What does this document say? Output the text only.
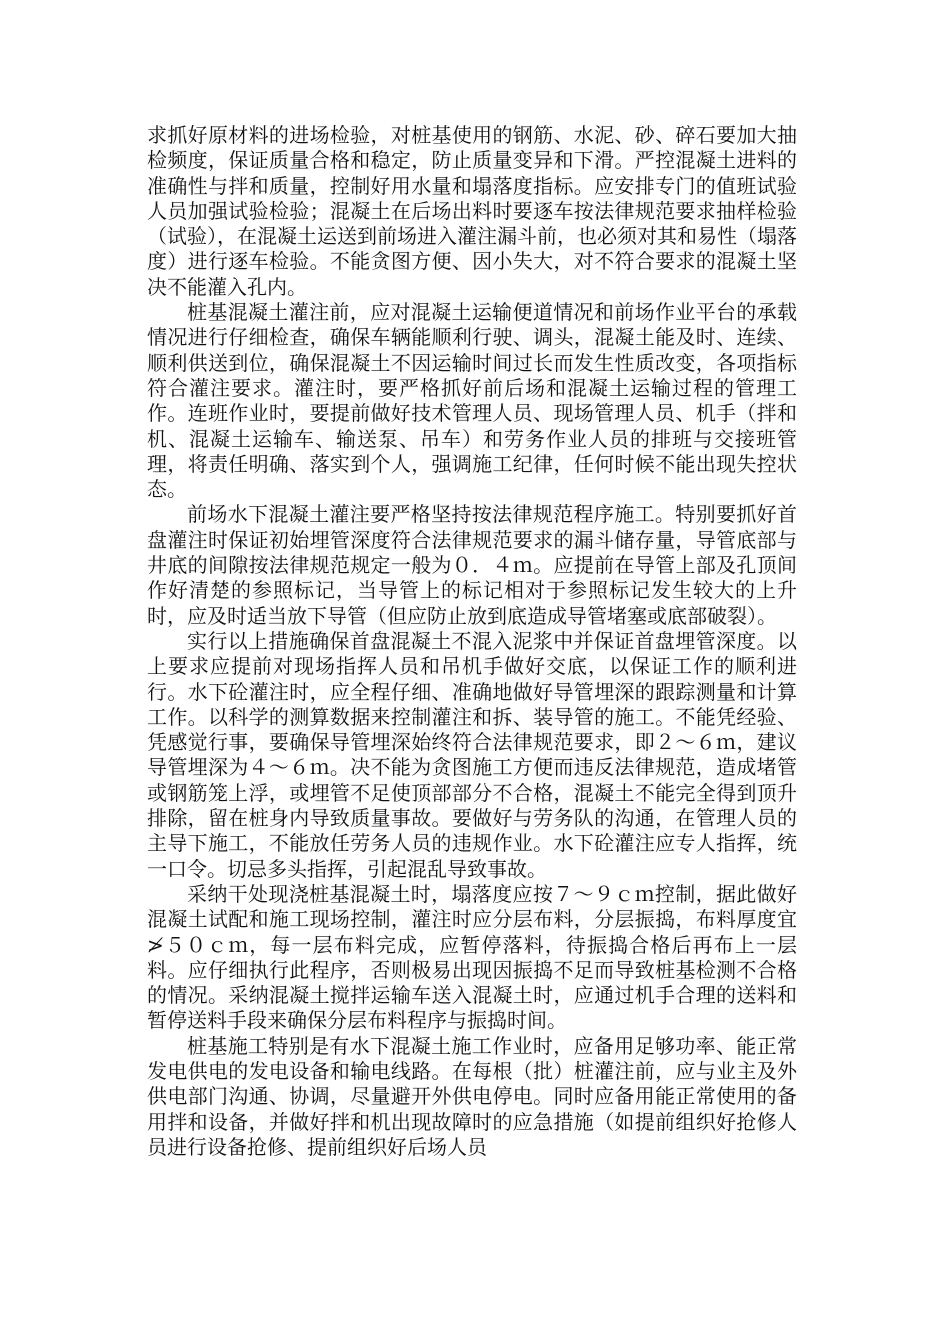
求抓好原材料的进场检验，对桩基使用的钢筋、水泥、砂、碎石要加大抽检频度，保证质量合格和稳定，防止质量变异和下滑。严控混凝土进料的准确性与拌和质量，控制好用水量和塌落度指标。应安排专门的值班试验人员加强试验检验；混凝土在后场出料时要逐车按法律规范要求抽样检验（试验），在混凝土运送到前场进入灌注漏斗前，也必须对其和易性（塌落度）进行逐车检验。不能贪图方便、因小失大，对不符合要求的混凝土坚决不能灌入孔内。

桩基混凝土灌注前，应对混凝土运输便道情况和前场作业平台的承载情况进行仔细检查，确保车辆能顺利行驶、调头，混凝土能及时、连续、顺利供送到位，确保混凝土不因运输时间过长而发生性质改变，各项指标符合灌注要求。灌注时，要严格抓好前后场和混凝土运输过程的管理工作。连班作业时，要提前做好技术管理人员、现场管理人员、机手（拌和机、混凝土运输车、输送泵、吊车）和劳务作业人员的排班与交接班管理，将责任明确、落实到个人，强调施工纪律，任何时候不能出现失控状态。

前场水下混凝土灌注要严格坚持按法律规范程序施工。特别要抓好首盘灌注时保证初始埋管深度符合法律规范要求的漏斗储存量，导管底部与井底的间隙按法律规范规定一般为０．４ｍ。应提前在导管上部及孔顶间作好清楚的参照标记，当导管上的标记相对于参照标记发生较大的上升时，应及时适当放下导管（但应防止放到底造成导管堵塞或底部破裂）。

实行以上措施确保首盘混凝土不混入泥浆中并保证首盘埋管深度。以上要求应提前对现场指挥人员和吊机手做好交底，以保证工作的顺利进行。水下砼灌注时，应全程仔细、准确地做好导管埋深的跟踪测量和计算工作。以科学的测算数据来控制灌注和拆、装导管的施工。不能凭经验、凭感觉行事，要确保导管埋深始终符合法律规范要求，即２～６ｍ，建议导管埋深为４～６ｍ。决不能为贪图施工方便而违反法律规范，造成堵管或钢筋笼上浮，或埋管不足使顶部部分不合格，混凝土不能完全得到顶升排除，留在桩身内导致质量事故。要做好与劳务队的沟通，在管理人员的主导下施工，不能放任劳务人员的违规作业。水下砼灌注应专人指挥，统一口令。切忌多头指挥，引起混乱导致事故。

采纳干处现浇桩基混凝土时，塌落度应按７～９ｃｍ控制，据此做好混凝土试配和施工现场控制，灌注时应分层布料，分层振捣，布料厚度宜≯５０ｃｍ，每一层布料完成，应暂停落料，待振捣合格后再布上一层料。应仔细执行此程序，否则极易出现因振捣不足而导致桩基检测不合格的情况。采纳混凝土搅拌运输车送入混凝土时，应通过机手合理的送料和暂停送料手段来确保分层布料程序与振捣时间。

桩基施工特别是有水下混凝土施工作业时，应备用足够功率、能正常发电供电的发电设备和输电线路。在每根（批）桩灌注前，应与业主及外供电部门沟通、协调，尽量避开外供电停电。同时应备用能正常使用的备用拌和设备，并做好拌和机出现故障时的应急措施（如提前组织好抢修人员进行设备抢修、提前组织好后场人员
